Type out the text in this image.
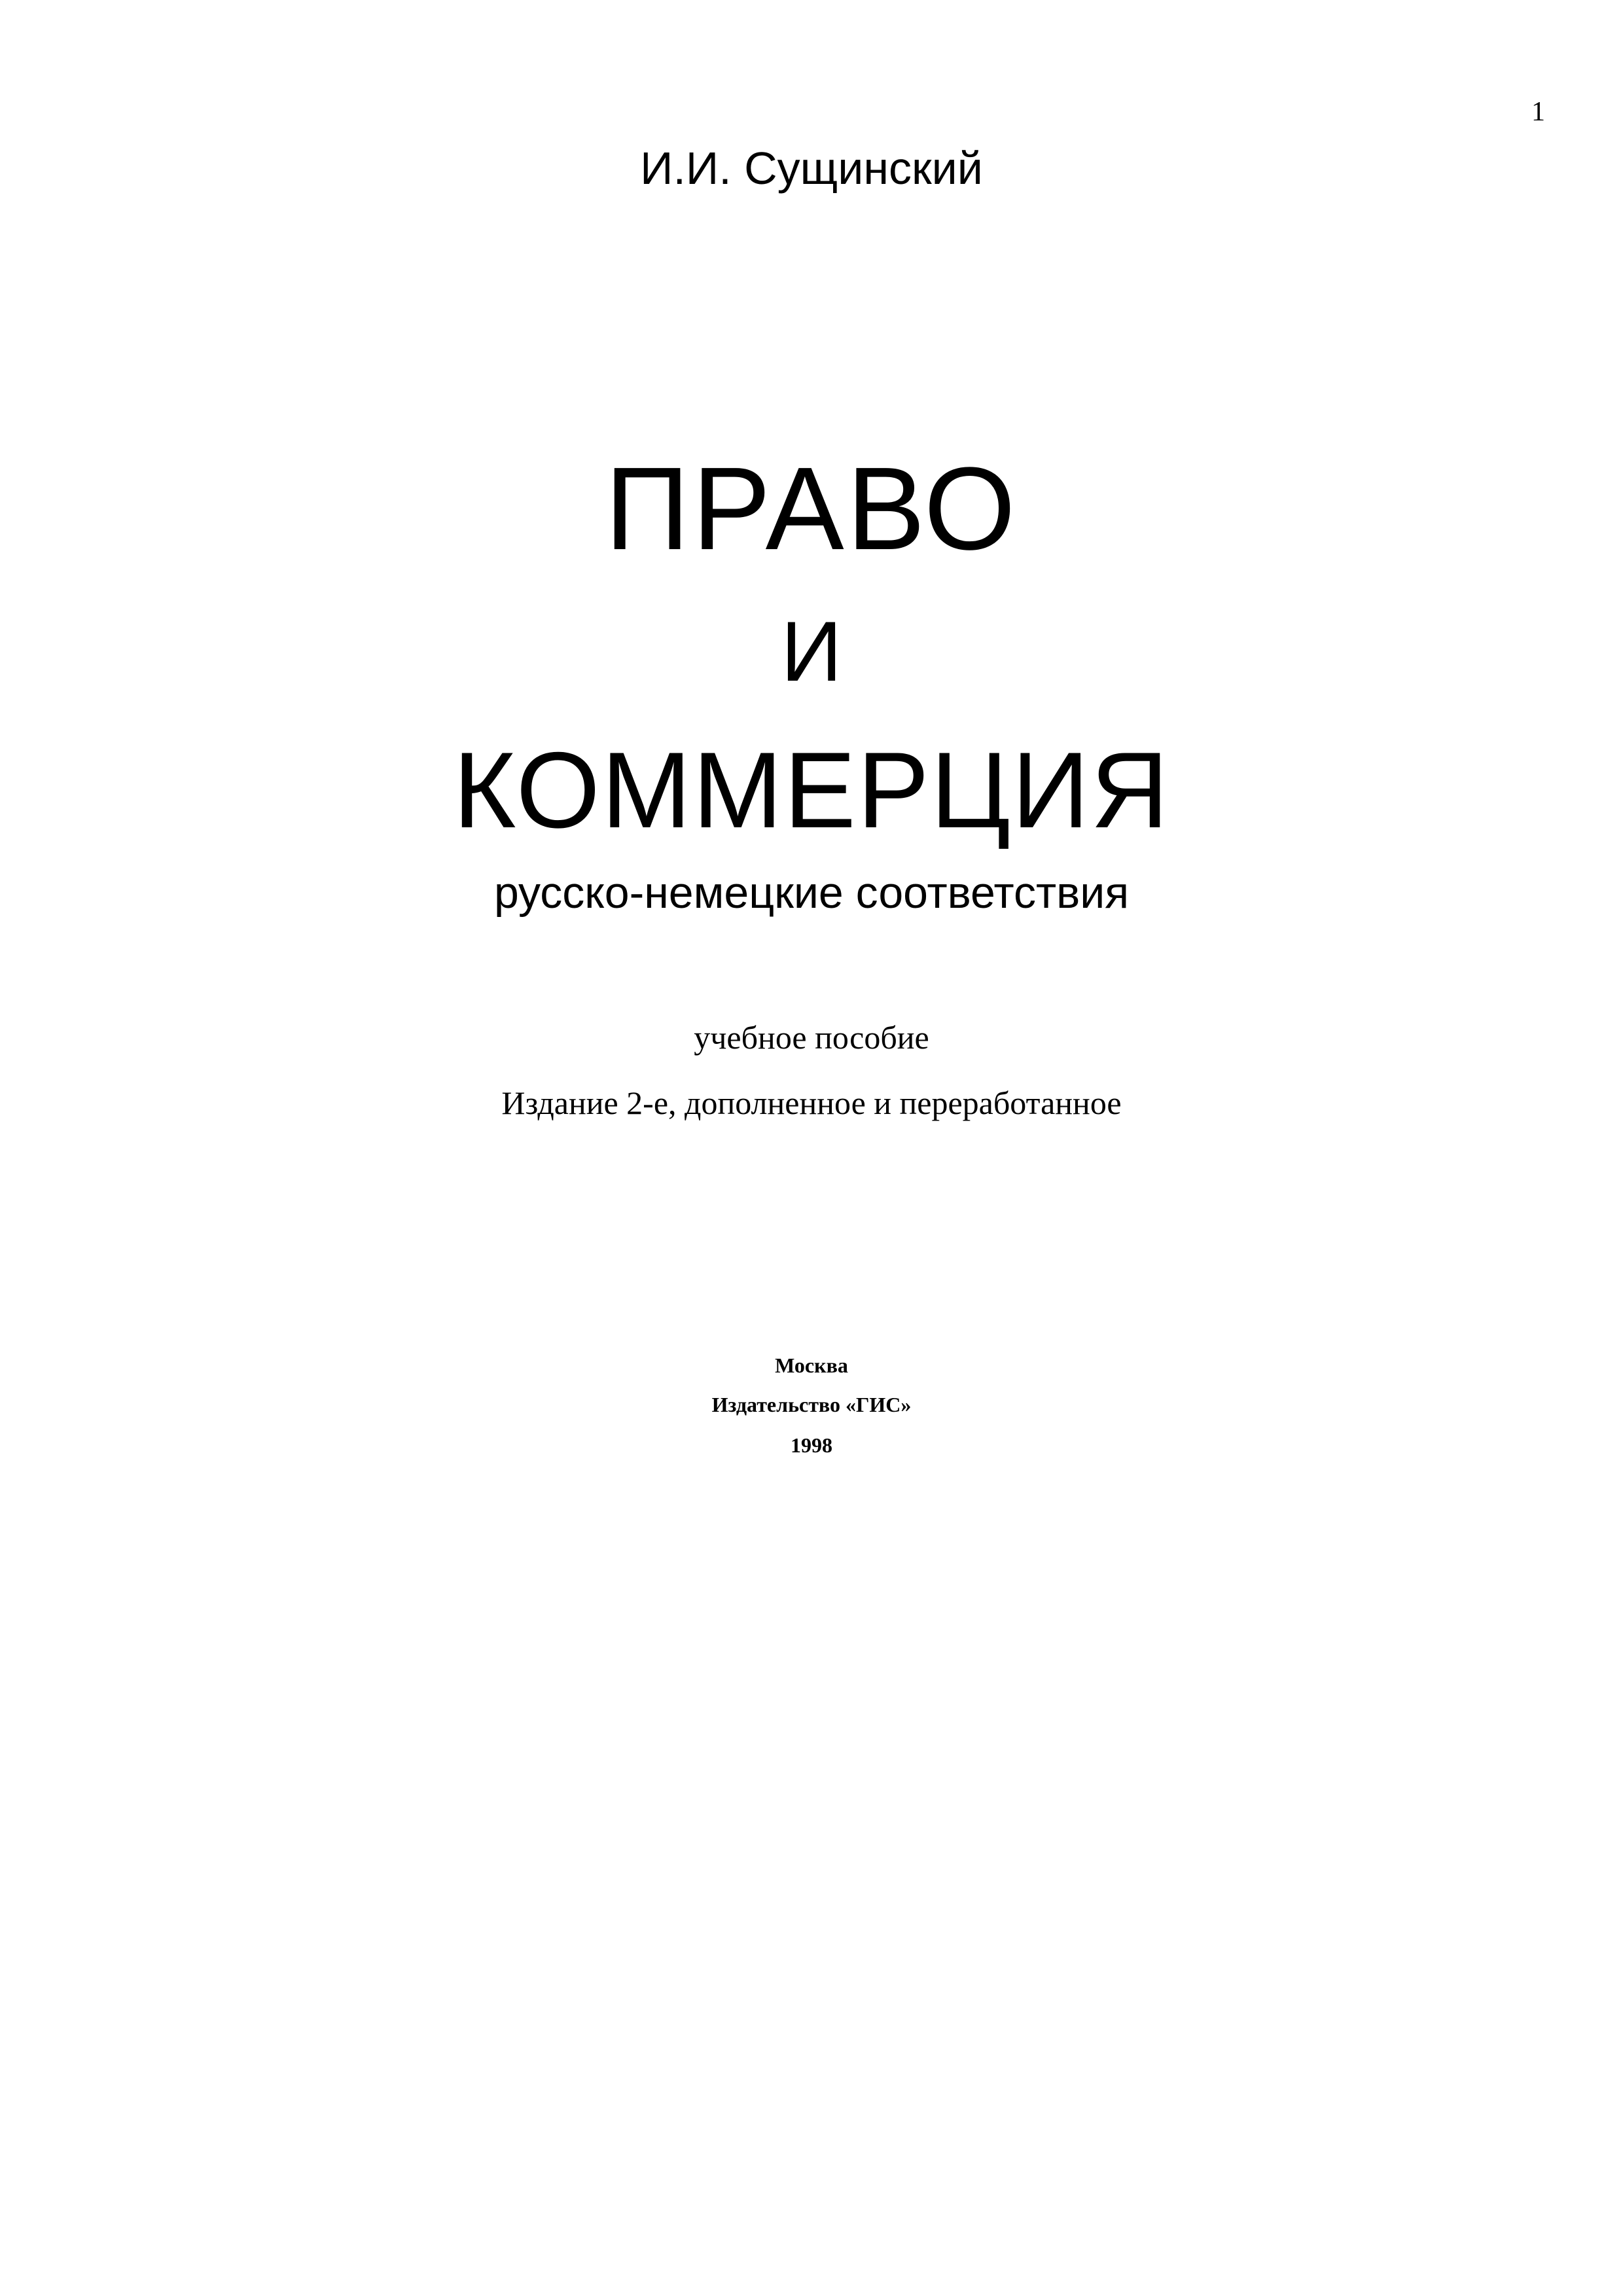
1
И.И. Сущинский
ПРАВО
И
КОММЕРЦИЯ
русско-немецкие соответствия
учебное пособие
Издание 2-е, дополненное и переработанное
Москва
Издательство «ГИС»
1998
